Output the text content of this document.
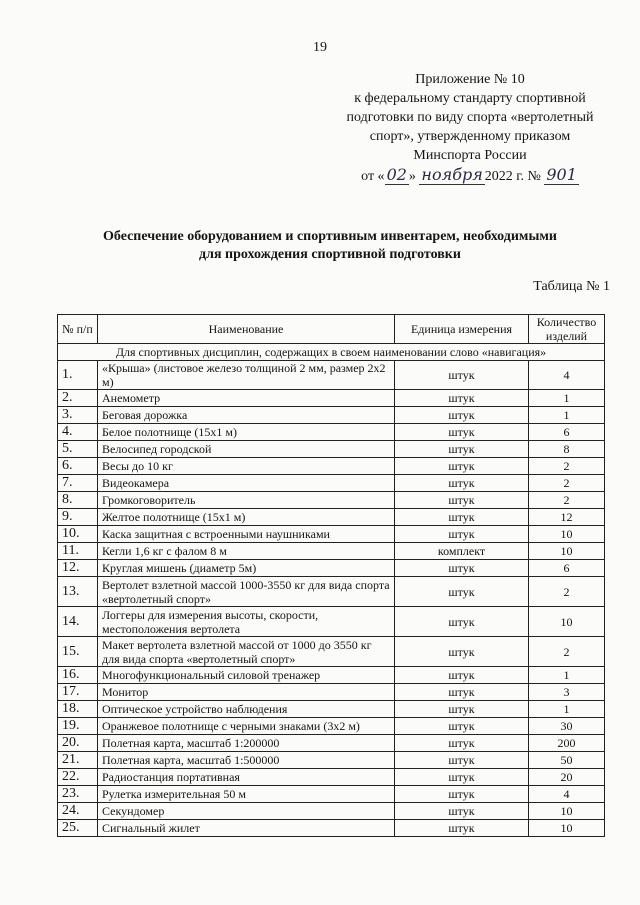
19
Приложение № 10
к федеральному стандарту спортивной
подготовки по виду спорта «вертолетный
спорт», утвержденному приказом
Минспорта России
от « 02 » ноября 2022 г. № 901
Обеспечение оборудованием и спортивным инвентарем, необходимыми
для прохождения спортивной подготовки
Таблица № 1
№ п/п	Наименование	Единица измерения	Количество изделий
Для спортивных дисциплин, содержащих в своем наименовании слово «навигация»			
1.	«Крыша» (листовое железо толщиной 2 мм, размер 2x2 м)	штук	4
2.	Анемометр	штук	1
3.	Беговая дорожка	штук	1
4.	Белое полотнище (15x1 м)	штук	6
5.	Велосипед городской	штук	8
6.	Весы до 10 кг	штук	2
7.	Видеокамера	штук	2
8.	Громкоговоритель	штук	2
9.	Желтое полотнище (15x1 м)	штук	12
10.	Каска защитная с встроенными наушниками	штук	10
11.	Кегли 1,6 кг с фалом 8 м	комплект	10
12.	Круглая мишень (диаметр 5м)	штук	6
13.	Вертолет взлетной массой 1000-3550 кг для вида спорта «вертолетный спорт»	штук	2
14.	Логгеры для измерения высоты, скорости, местоположения вертолета	штук	10
15.	Макет вертолета взлетной массой от 1000 до 3550 кг для вида спорта «вертолетный спорт»	штук	2
16.	Многофункциональный силовой тренажер	штук	1
17.	Монитор	штук	3
18.	Оптическое устройство наблюдения	штук	1
19.	Оранжевое полотнище с черными знаками (3x2 м)	штук	30
20.	Полетная карта, масштаб 1:200000	штук	200
21.	Полетная карта, масштаб 1:500000	штук	50
22.	Радиостанция портативная	штук	20
23.	Рулетка измерительная 50 м	штук	4
24.	Секундомер	штук	10
25.	Сигнальный жилет	штук	10
